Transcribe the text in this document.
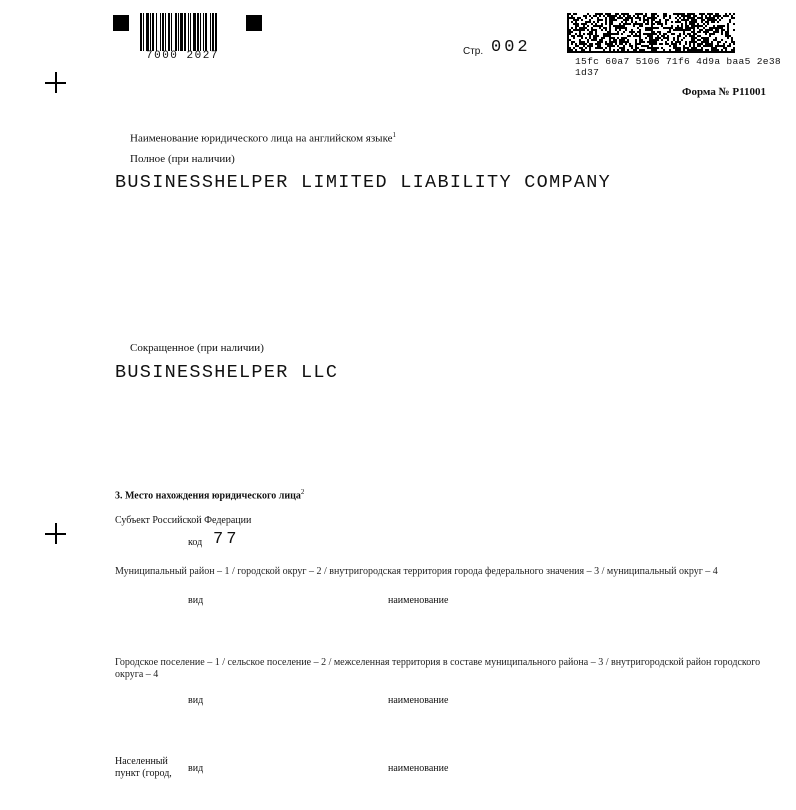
7000 2027	Стр. 002
15fc 60a7 5106 71f6 4d9a baa5 2e38 1d37
Форма № Р11001
Наименование юридического лица на английском языке$^1$
Полное (при наличии)
BUSINESSHELPER LIMITED LIABILITY COMPANY
Сокращенное (при наличии)
BUSINESSHELPER LLC
3. Место нахождения юридического лица$^2$
Субъект Российской Федерации
код 77
Муниципальный район – 1 / городской округ – 2 / внутригородская территория города федерального значения – 3 / муниципальный округ – 4
вид	наименование
Городское поселение – 1 / сельское поселение – 2 / межселенная территория в составе муниципального района – 3 / внутригородской район городского округа – 4
вид	наименование
Населенный
пункт (город, вид	наименование
